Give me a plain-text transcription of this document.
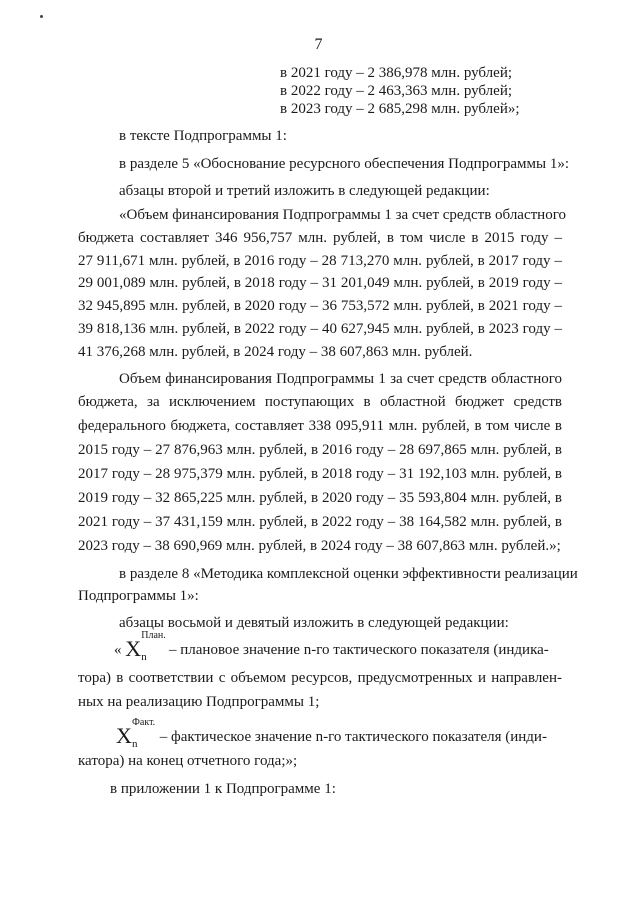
7
в 2021 году – 2 386,978 млн. рублей;
в 2022 году – 2 463,363 млн. рублей;
в 2023 году – 2 685,298 млн. рублей»;
в тексте Подпрограммы 1:
в разделе 5 «Обоснование ресурсного обеспечения Подпрограммы 1»:
абзацы второй и третий изложить в следующей редакции:
«Объем финансирования Подпрограммы 1 за счет средств областного
бюджета составляет 346 956,757 млн. рублей, в том числе в 2015 году –
27 911,671 млн. рублей, в 2016 году – 28 713,270 млн. рублей, в 2017 году –
29 001,089 млн. рублей, в 2018 году – 31 201,049 млн. рублей, в 2019 году –
32 945,895 млн. рублей, в 2020 году – 36 753,572 млн. рублей, в 2021 году –
39 818,136 млн. рублей, в 2022 году – 40 627,945 млн. рублей, в 2023 году –
41 376,268 млн. рублей, в 2024 году – 38 607,863 млн. рублей.
Объем финансирования Подпрограммы 1 за счет средств областного
бюджета, за исключением поступающих в областной бюджет средств
федерального бюджета, составляет 338 095,911 млн. рублей, в том числе в
2015 году – 27 876,963 млн. рублей, в 2016 году – 28 697,865 млн. рублей, в
2017 году – 28 975,379 млн. рублей, в 2018 году – 31 192,103 млн. рублей, в
2019 году – 32 865,225 млн. рублей, в 2020 году – 35 593,804 млн. рублей, в
2021 году – 37 431,159 млн. рублей, в 2022 году – 38 164,582 млн. рублей, в
2023 году – 38 690,969 млн. рублей, в 2024 году – 38 607,863 млн. рублей.»;
в разделе 8 «Методика комплексной оценки эффективности реализации
Подпрограммы 1»:
абзацы восьмой и девятый изложить в следующей редакции:
« X
План.
n – плановое значение n-го тактического показателя (индика-
тора) в соответствии с объемом ресурсов, предусмотренных и направлен-
ных на реализацию Подпрограммы 1;
X
Факт.
n – фактическое значение n-го тактического показателя (инди-
катора) на конец отчетного года;»;
в приложении 1 к Подпрограмме 1:
